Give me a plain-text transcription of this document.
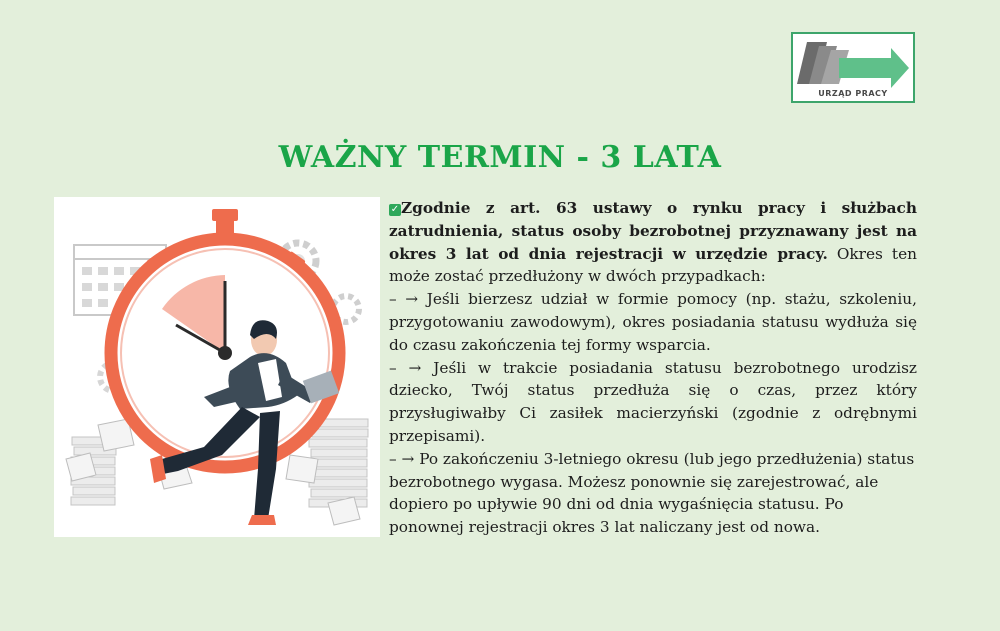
URZĄD PRACY
WAŻNY TERMIN - 3 LATA

✓ Zgodnie z art. 63 ustawy o rynku pracy i służbach zatrudnienia, status osoby bezrobotnej przyznawany jest na okres 3 lat od dnia rejestracji w urzędzie pracy. Okres ten może zostać przedłużony w dwóch przypadkach:

– → Jeśli bierzesz udział w formie pomocy (np. stażu, szkoleniu, przygotowaniu zawodowym), okres posiadania statusu wydłuża się do czasu zakończenia tej formy wsparcia.

– → Jeśli w trakcie posiadania statusu bezrobotnego urodzisz dziecko, Twój status przedłuża się o czas, przez który przysługiwałby Ci zasiłek macierzyński (zgodnie z odrębnymi przepisami).

– → Po zakończeniu 3-letniego okresu (lub jego przedłużenia) status bezrobotnego wygasa. Możesz ponownie się zarejestrować, ale dopiero po upływie 90 dni od dnia wygaśnięcia statusu. Po ponownej rejestracji okres 3 lat naliczany jest od nowa.
